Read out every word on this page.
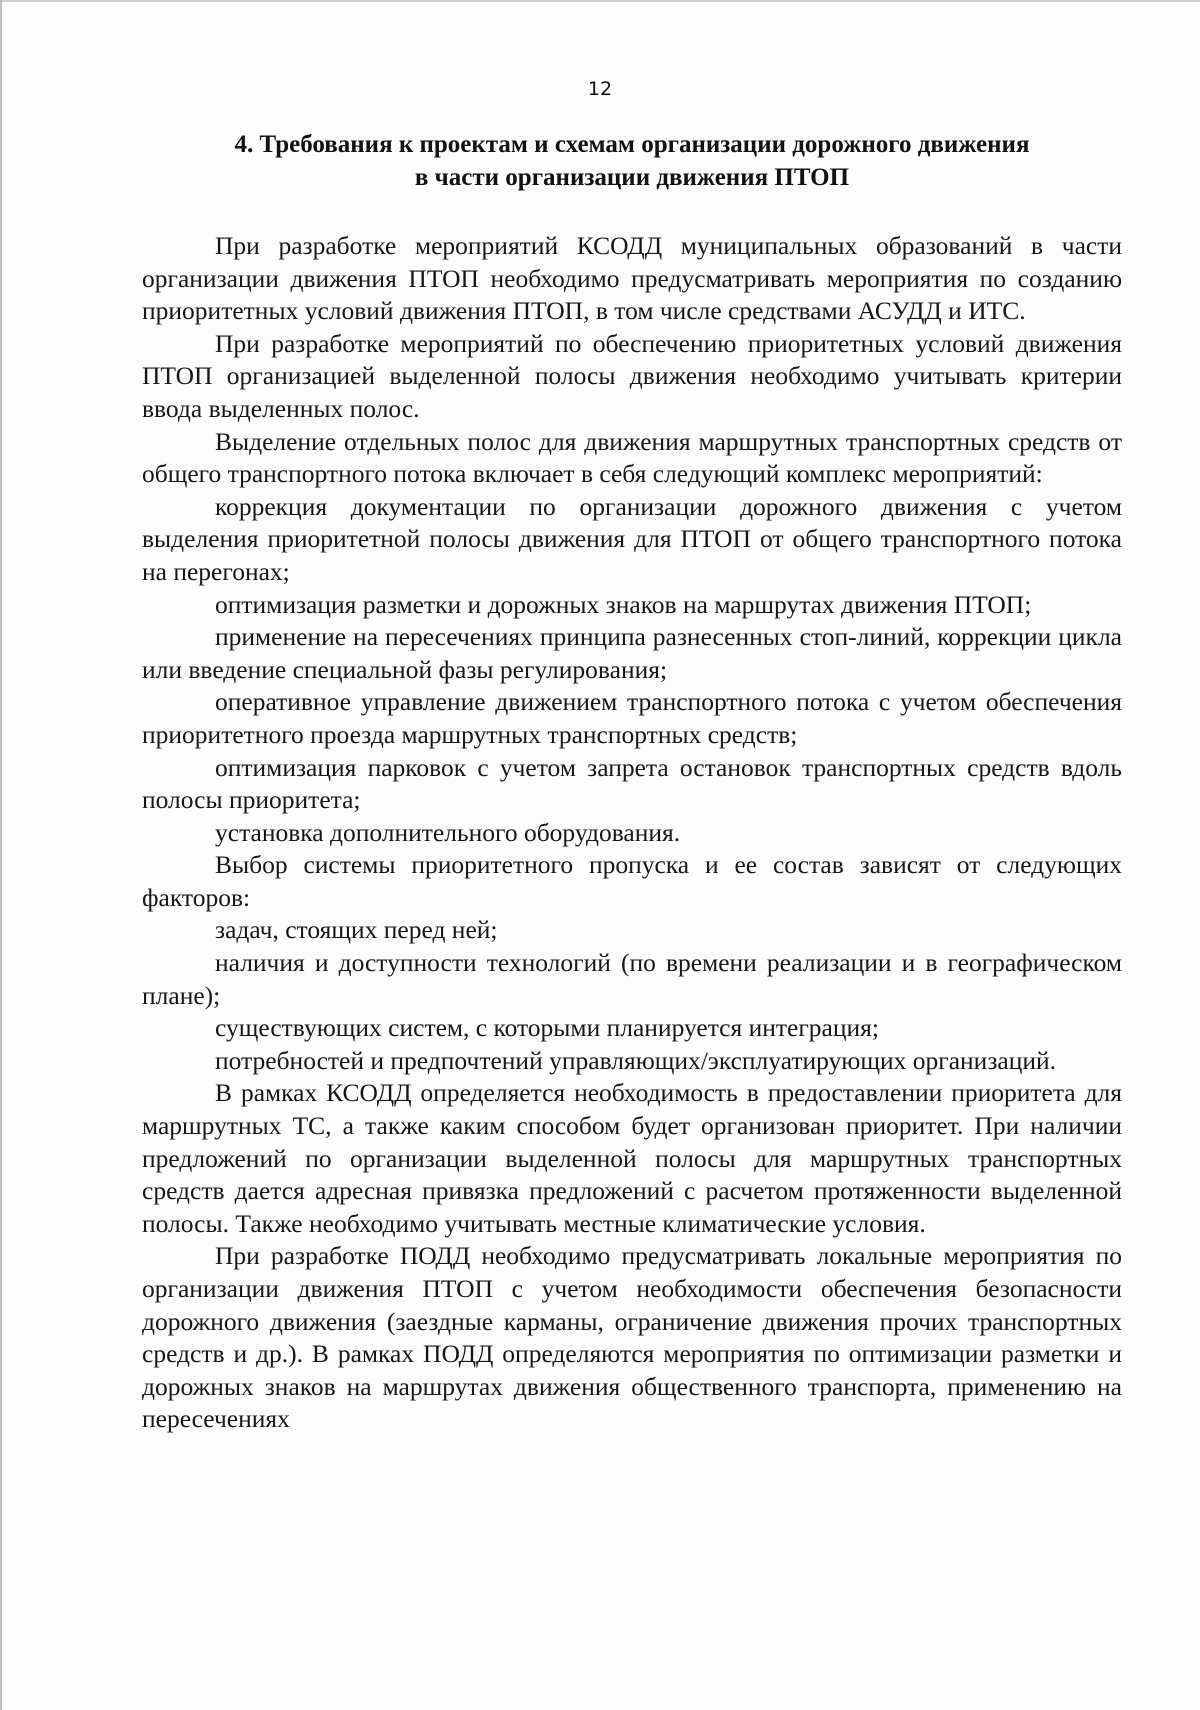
12
4. Требования к проектам и схемам организации дорожного движения
в части организации движения ПТОП

При разработке мероприятий КСОДД муниципальных образований в части организации движения ПТОП необходимо предусматривать мероприятия по созданию приоритетных условий движения ПТОП, в том числе средствами АСУДД и ИТС.

При разработке мероприятий по обеспечению приоритетных условий движения ПТОП организацией выделенной полосы движения необходимо учитывать критерии ввода выделенных полос.

Выделение отдельных полос для движения маршрутных транспортных средств от общего транспортного потока включает в себя следующий комплекс мероприятий:

коррекция документации по организации дорожного движения с учетом выделения приоритетной полосы движения для ПТОП от общего транспортного потока на перегонах;

оптимизация разметки и дорожных знаков на маршрутах движения ПТОП;

применение на пересечениях принципа разнесенных стоп-линий, коррекции цикла или введение специальной фазы регулирования;

оперативное управление движением транспортного потока с учетом обеспечения приоритетного проезда маршрутных транспортных средств;

оптимизация парковок с учетом запрета остановок транспортных средств вдоль полосы приоритета;

установка дополнительного оборудования.

Выбор системы приоритетного пропуска и ее состав зависят от следующих факторов:

задач, стоящих перед ней;

наличия и доступности технологий (по времени реализации и в географическом плане);

существующих систем, с которыми планируется интеграция;

потребностей и предпочтений управляющих/эксплуатирующих организаций.

В рамках КСОДД определяется необходимость в предоставлении приоритета для маршрутных ТС, а также каким способом будет организован приоритет. При наличии предложений по организации выделенной полосы для маршрутных транспортных средств дается адресная привязка предложений с расчетом протяженности выделенной полосы. Также необходимо учитывать местные климатические условия.

При разработке ПОДД необходимо предусматривать локальные мероприятия по организации движения ПТОП с учетом необходимости обеспечения безопасности дорожного движения (заездные карманы, ограничение движения прочих транспортных средств и др.). В рамках ПОДД определяются мероприятия по оптимизации разметки и дорожных знаков на маршрутах движения общественного транспорта, применению на пересечениях
